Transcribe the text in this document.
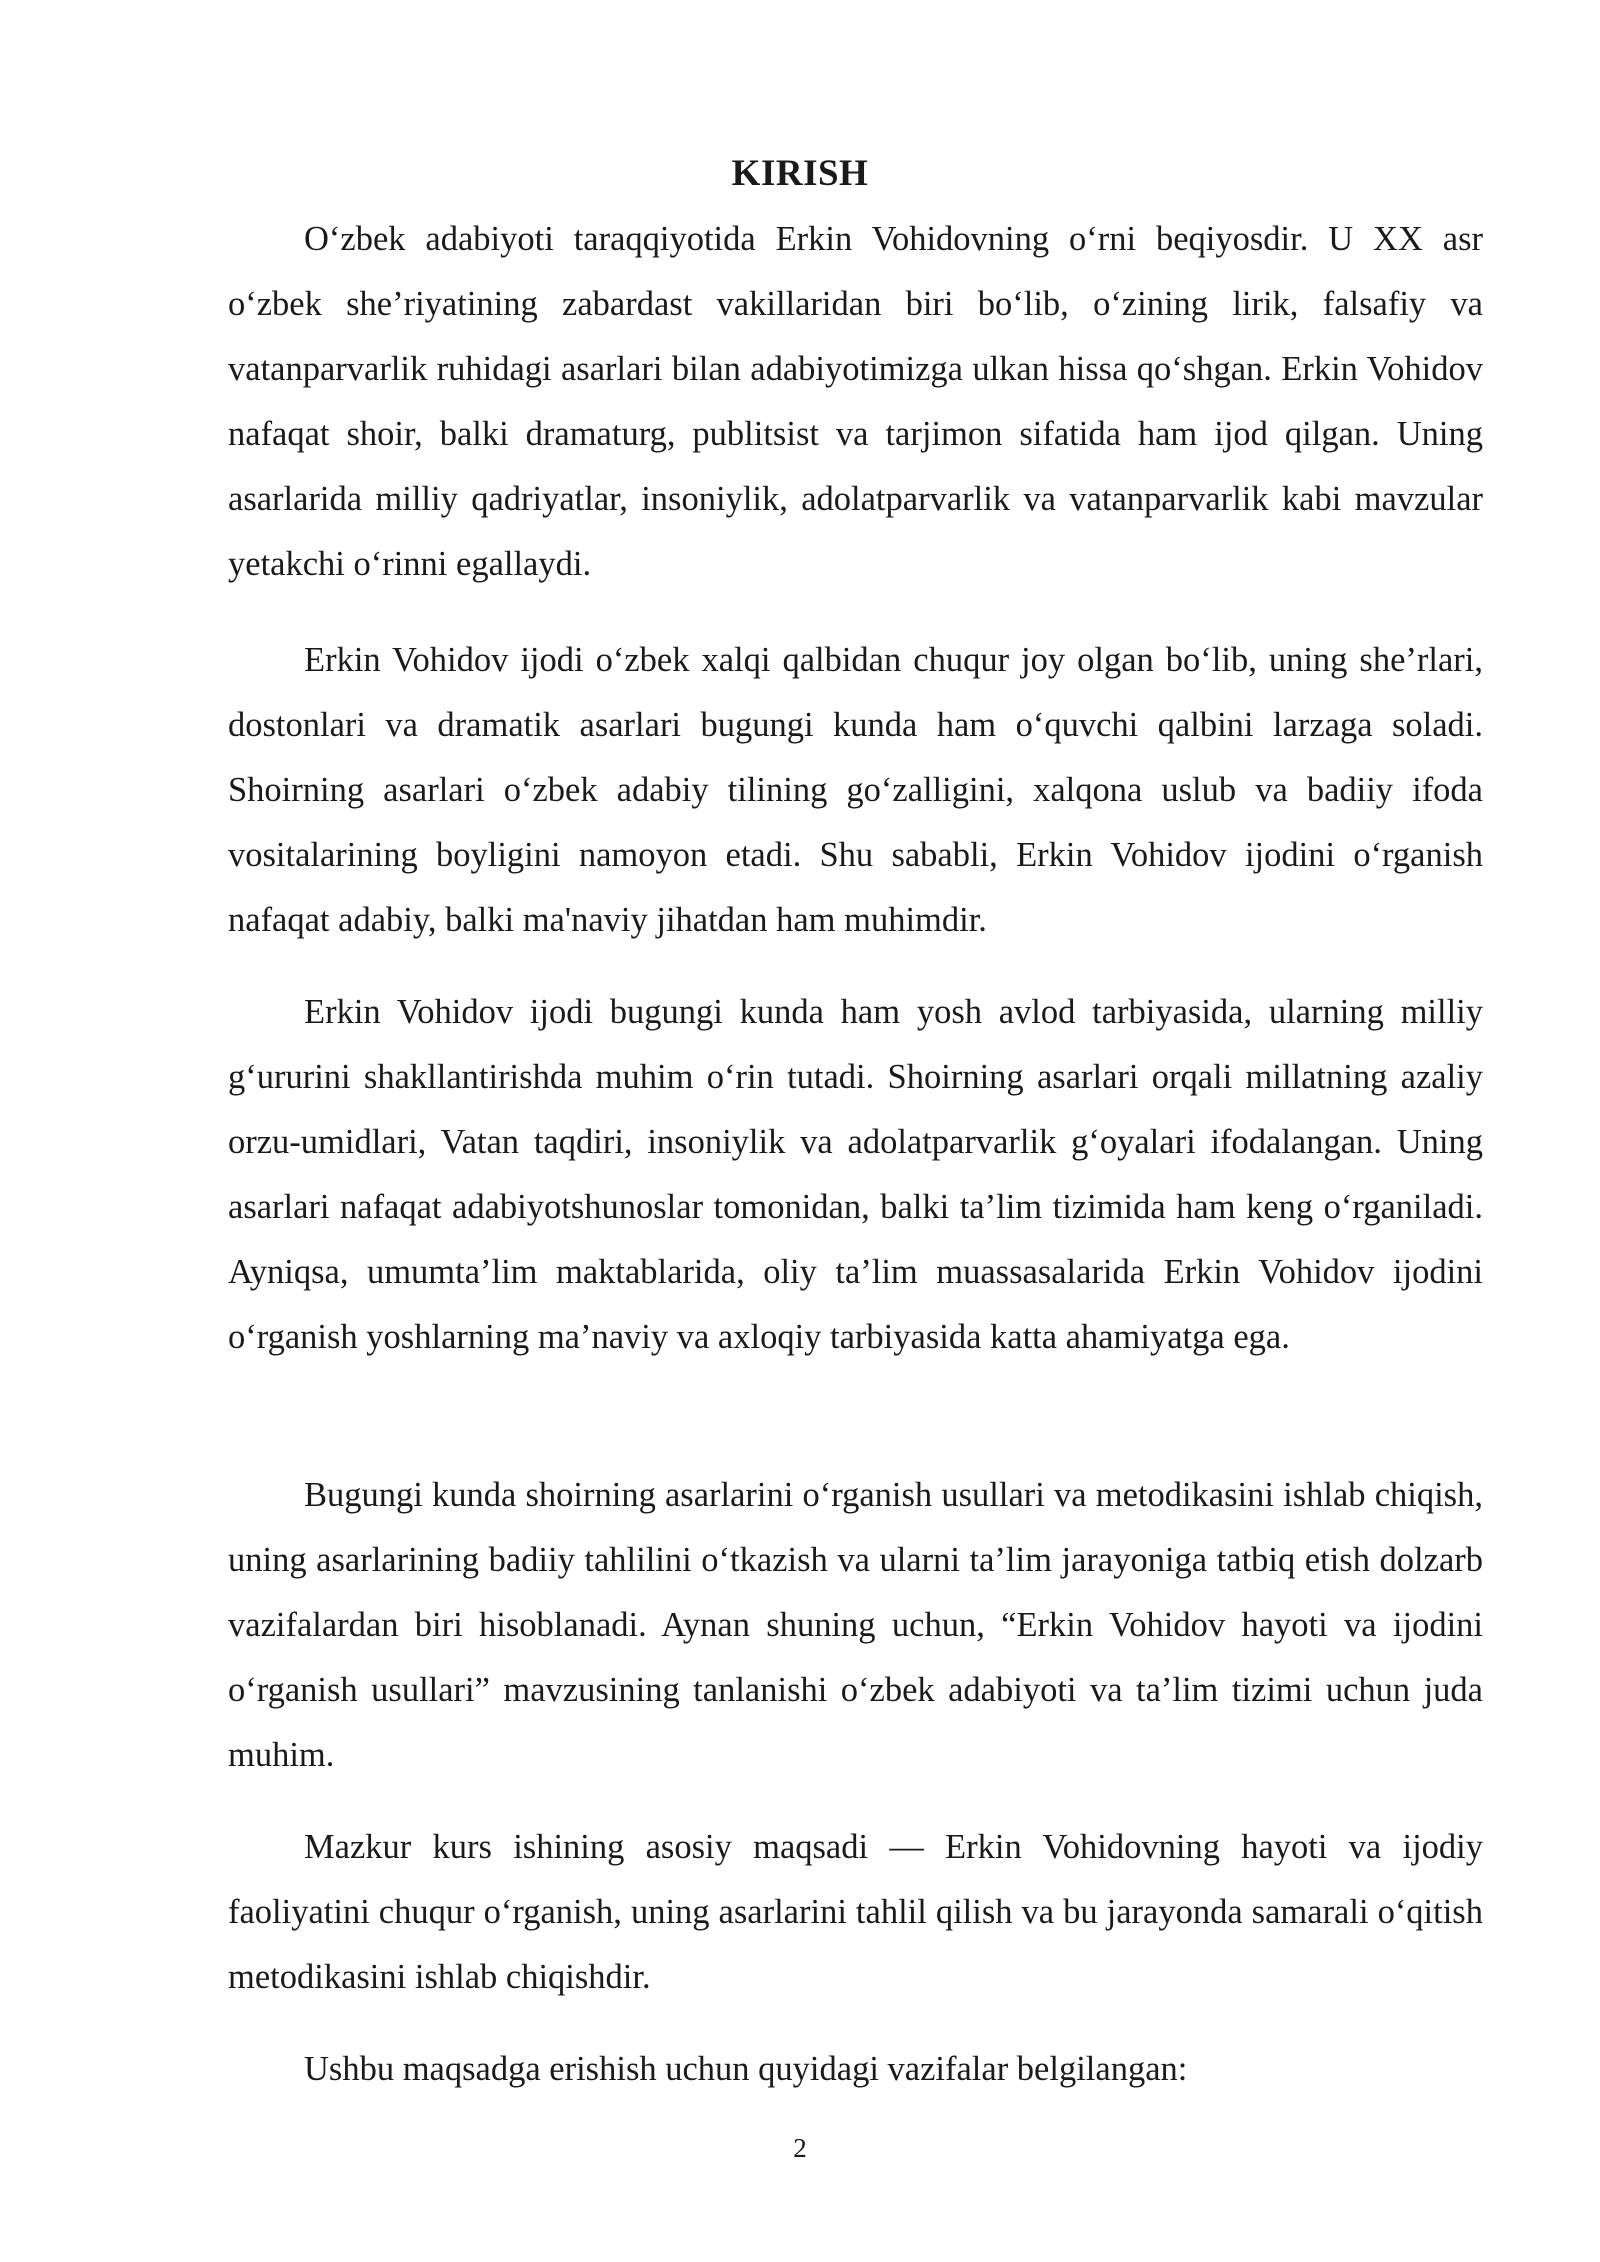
KIRISH

O‘zbek adabiyoti taraqqiyotida Erkin Vohidovning o‘rni beqiyosdir. U XX asr o‘zbek she’riyatining zabardast vakillaridan biri bo‘lib, o‘zining lirik, falsafiy va vatanparvarlik ruhidagi asarlari bilan adabiyotimizga ulkan hissa qo‘shgan. Erkin Vohidov nafaqat shoir, balki dramaturg, publitsist va tarjimon sifatida ham ijod qilgan. Uning asarlarida milliy qadriyatlar, insoniylik, adolatparvarlik va vatanparvarlik kabi mavzular yetakchi o‘rinni egallaydi.

Erkin Vohidov ijodi o‘zbek xalqi qalbidan chuqur joy olgan bo‘lib, uning she’rlari, dostonlari va dramatik asarlari bugungi kunda ham o‘quvchi qalbini larzaga soladi. Shoirning asarlari o‘zbek adabiy tilining go‘zalligini, xalqona uslub va badiiy ifoda vositalarining boyligini namoyon etadi. Shu sababli, Erkin Vohidov ijodini o‘rganish nafaqat adabiy, balki ma'naviy jihatdan ham muhimdir.

Erkin Vohidov ijodi bugungi kunda ham yosh avlod tarbiyasida, ularning milliy g‘ururini shakllantirishda muhim o‘rin tutadi. Shoirning asarlari orqali millatning azaliy orzu-umidlari, Vatan taqdiri, insoniylik va adolatparvarlik g‘oyalari ifodalangan. Uning asarlari nafaqat adabiyotshunoslar tomonidan, balki ta’lim tizimida ham keng o‘rganiladi. Ayniqsa, umumta’lim maktablarida, oliy ta’lim muassasalarida Erkin Vohidov ijodini o‘rganish yoshlarning ma’naviy va axloqiy tarbiyasida katta ahamiyatga ega.

Bugungi kunda shoirning asarlarini o‘rganish usullari va metodikasini ishlab chiqish, uning asarlarining badiiy tahlilini o‘tkazish va ularni ta’lim jarayoniga tatbiq etish dolzarb vazifalardan biri hisoblanadi. Aynan shuning uchun, “Erkin Vohidov hayoti va ijodini o‘rganish usullari” mavzusining tanlanishi o‘zbek adabiyoti va ta’lim tizimi uchun juda muhim.

Mazkur kurs ishining asosiy maqsadi — Erkin Vohidovning hayoti va ijodiy faoliyatini chuqur o‘rganish, uning asarlarini tahlil qilish va bu jarayonda samarali o‘qitish metodikasini ishlab chiqishdir.

Ushbu maqsadga erishish uchun quyidagi vazifalar belgilangan:

2
